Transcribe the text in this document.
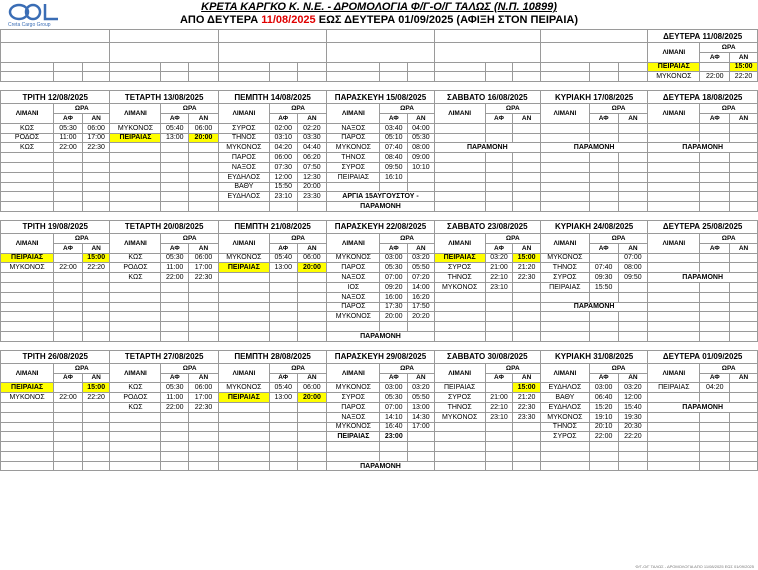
Creta Cargo Group
ΚΡΕΤΑ ΚΑΡΓΚΟ Κ. Ν.Ε. - ΔΡΟΜΟΛΟΓΙΑ Φ/Γ-Ο/Γ ΤΑΛΩΣ (Ν.Π. 10899)
ΑΠΟ ΔΕΥΤΕΡΑ 11/08/2025 ΕΩΣ ΔΕΥΤΕΡΑ 01/09/2025 (ΑΦΙΞΗ ΣΤΟΝ ΠΕΙΡΑΙΑ)
																		ΔΕΥΤΕΡΑ 11/08/2025		
																		ΛΙΜΑΝΙ	ΩΡΑ	
																			ΑΦ	ΑΝ
																		ΠΕΙΡΑΙΑΣ		15:00
																		ΜΥΚΟΝΟΣ	22:00	22:20

ΤΡΙΤΗ 12/08/2025			ΤΕΤΑΡΤΗ 13/08/2025			ΠΕΜΠΤΗ 14/08/2025			ΠΑΡΑΣΚΕΥΗ 15/08/2025			ΣΑΒΒΑΤΟ 16/08/2025			ΚΥΡΙΑΚΗ 17/08/2025			ΔΕΥΤΕΡΑ 18/08/2025		
ΛΙΜΑΝΙ	ΩΡΑ		ΛΙΜΑΝΙ	ΩΡΑ		ΛΙΜΑΝΙ	ΩΡΑ		ΛΙΜΑΝΙ	ΩΡΑ		ΛΙΜΑΝΙ	ΩΡΑ		ΛΙΜΑΝΙ	ΩΡΑ		ΛΙΜΑΝΙ	ΩΡΑ	
	ΑΦ	ΑΝ		ΑΦ	ΑΝ		ΑΦ	ΑΝ		ΑΦ	ΑΝ		ΑΦ	ΑΝ		ΑΦ	ΑΝ		ΑΦ	ΑΝ
ΚΩΣ	05:30	06:00	ΜΥΚΟΝΟΣ	05:40	06:00	ΣΥΡΟΣ	02:00	02:20	ΝΑΞΟΣ	03:40	04:00									
ΡΟΔΟΣ	11:00	17:00	ΠΕΙΡΑΙΑΣ	13:00	20:00	ΤΗΝΟΣ	03:10	03:30	ΠΑΡΟΣ	05:10	05:30									
ΚΩΣ	22:00	22:30				ΜΥΚΟΝΟΣ	04:20	04:40	ΜΥΚΟΝΟΣ	07:40	08:00	ΠΑΡΑΜΟΝΗ			ΠΑΡΑΜΟΝΗ			ΠΑΡΑΜΟΝΗ		
						ΠΑΡΟΣ	06:00	06:20	ΤΗΝΟΣ	08:40	09:00									
						ΝΑΞΟΣ	07:30	07:50	ΣΥΡΟΣ	09:50	10:10									
						ΕΥΔΗΛΟΣ	12:00	12:30	ΠΕΙΡΑΙΑΣ	16:10										
						ΒΑΘΥ	15:50	20:00												
						ΕΥΔΗΛΟΣ	23:10	23:30	ΑΡΓΙΑ 15ΑΥΓΟΥΣΤΟΥ -											
									ΠΑΡΑΜΟΝΗ											

ΤΡΙΤΗ 19/08/2025			ΤΕΤΑΡΤΗ 20/08/2025			ΠΕΜΠΤΗ 21/08/2025			ΠΑΡΑΣΚΕΥΗ 22/08/2025			ΣΑΒΒΑΤΟ 23/08/2025			ΚΥΡΙΑΚΗ 24/08/2025			ΔΕΥΤΕΡΑ 25/08/2025		
ΛΙΜΑΝΙ	ΩΡΑ		ΛΙΜΑΝΙ	ΩΡΑ		ΛΙΜΑΝΙ	ΩΡΑ		ΛΙΜΑΝΙ	ΩΡΑ		ΛΙΜΑΝΙ	ΩΡΑ		ΛΙΜΑΝΙ	ΩΡΑ		ΛΙΜΑΝΙ	ΩΡΑ	
	ΑΦ	ΑΝ		ΑΦ	ΑΝ		ΑΦ	ΑΝ		ΑΦ	ΑΝ		ΑΦ	ΑΝ		ΑΦ	ΑΝ		ΑΦ	ΑΝ
ΠΕΙΡΑΙΑΣ		15:00	ΚΩΣ	05:30	06:00	ΜΥΚΟΝΟΣ	05:40	06:00	ΜΥΚΟΝΟΣ	03:00	03:20	ΠΕΙΡΑΙΑΣ	03:20	15:00	ΜΥΚΟΝΟΣ		07:00			
ΜΥΚΟΝΟΣ	22:00	22:20	ΡΟΔΟΣ	11:00	17:00	ΠΕΙΡΑΙΑΣ	13:00	20:00	ΠΑΡΟΣ	05:30	05:50	ΣΥΡΟΣ	21:00	21:20	ΤΗΝΟΣ	07:40	08:00			
			ΚΩΣ	22:00	22:30				ΝΑΞΟΣ	07:00	07:20	ΤΗΝΟΣ	22:10	22:30	ΣΥΡΟΣ	09:30	09:50	ΠΑΡΑΜΟΝΗ		
									ΙΟΣ	09:20	14:00	ΜΥΚΟΝΟΣ	23:10		ΠΕΙΡΑΙΑΣ	15:50				
									ΝΑΞΟΣ	16:00	16:20									
									ΠΑΡΟΣ	17:30	17:50				ΠΑΡΑΜΟΝΗ					
									ΜΥΚΟΝΟΣ	20:00	20:20									

									ΠΑΡΑΜΟΝΗ											

ΤΡΙΤΗ 26/08/2025			ΤΕΤΑΡΤΗ 27/08/2025			ΠΕΜΠΤΗ 28/08/2025			ΠΑΡΑΣΚΕΥΗ 29/08/2025			ΣΑΒΒΑΤΟ 30/08/2025			ΚΥΡΙΑΚΗ 31/08/2025			ΔΕΥΤΕΡΑ 01/09/2025		
ΛΙΜΑΝΙ	ΩΡΑ		ΛΙΜΑΝΙ	ΩΡΑ		ΛΙΜΑΝΙ	ΩΡΑ		ΛΙΜΑΝΙ	ΩΡΑ		ΛΙΜΑΝΙ	ΩΡΑ		ΛΙΜΑΝΙ	ΩΡΑ		ΛΙΜΑΝΙ	ΩΡΑ	
	ΑΦ	ΑΝ		ΑΦ	ΑΝ		ΑΦ	ΑΝ		ΑΦ	ΑΝ		ΑΦ	ΑΝ		ΑΦ	ΑΝ		ΑΦ	ΑΝ
ΠΕΙΡΑΙΑΣ		15:00	ΚΩΣ	05:30	06:00	ΜΥΚΟΝΟΣ	05:40	06:00	ΜΥΚΟΝΟΣ	03:00	03:20	ΠΕΙΡΑΙΑΣ		15:00	ΕΥΔΗΛΟΣ	03:00	03:20	ΠΕΙΡΑΙΑΣ	04:20	
ΜΥΚΟΝΟΣ	22:00	22:20	ΡΟΔΟΣ	11:00	17:00	ΠΕΙΡΑΙΑΣ	13:00	20:00	ΣΥΡΟΣ	05:30	05:50	ΣΥΡΟΣ	21:00	21:20	ΒΑΘΥ	06:40	12:00			
			ΚΩΣ	22:00	22:30				ΠΑΡΟΣ	07:00	13:00	ΤΗΝΟΣ	22:10	22:30	ΕΥΔΗΛΟΣ	15:20	15:40	ΠΑΡΑΜΟΝΗ		
									ΝΑΞΟΣ	14:10	14:30	ΜΥΚΟΝΟΣ	23:10	23:30	ΜΥΚΟΝΟΣ	19:10	19:30			
									ΜΥΚΟΝΟΣ	16:40	17:00				ΤΗΝΟΣ	20:10	20:30			
									ΠΕΙΡΑΙΑΣ	23:00					ΣΥΡΟΣ	22:00	22:20			

									ΠΑΡΑΜΟΝΗ											
Φ/Γ-Ο/Γ ΤΑΛΩΣ - ΔΡΟΜΟΛΟΓΙΑ ΑΠΟ 11/08/2025 ΕΩΣ 01/09/2025
